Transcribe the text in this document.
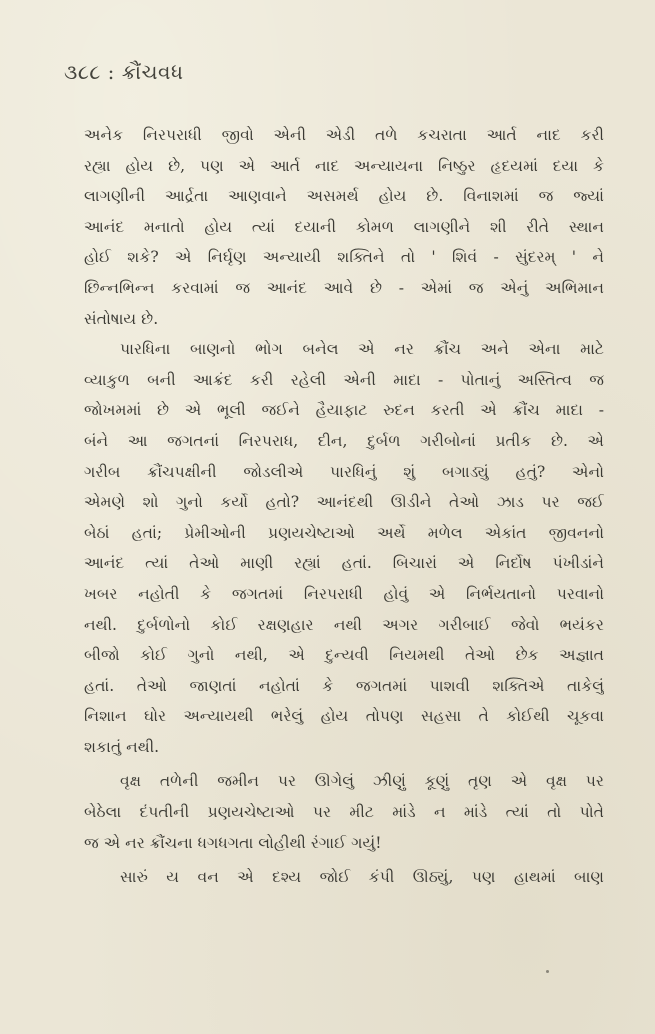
૩૮૮ : ક્રૌંચવધ
અનેક નિરપરાધી જીવો એની એડી તળે કચરાતા આર્ત નાદ કરી
રહ્યા હોય છે, પણ એ આર્ત નાદ અન્યાયના નિષ્ઠુર હૃદયમાં દયા કે
લાગણીની આર્દ્રતા આણવાને અસમર્થ હોય છે. વિનાશમાં જ જ્યાં
આનંદ મનાતો હોય ત્યાં દયાની કોમળ લાગણીને શી રીતે સ્થાન
હોઈ શકે? એ નિર્ઘૃણ અન્યાયી શક્તિને તો ' શિવં - સુંદરમ્ ' ને
છિન્નભિન્ન કરવામાં જ આનંદ આવે છે - એમાં જ એનું અભિમાન
સંતોષાય છે.
પારધિના બાણનો ભોગ બનેલ એ નર ક્રૌંચ અને એના માટે
વ્યાકુળ બની આક્રંદ કરી રહેલી એની માદા - પોતાનું અસ્તિત્વ જ
જોખમમાં છે એ ભૂલી જઈને હૈયાફાટ રુદન કરતી એ ક્રૌંચ માદા -
બંને આ જગતનાં નિરપરાધ, દીન, દુર્બળ ગરીબોનાં પ્રતીક છે. એ
ગરીબ ક્રૌંચપક્ષીની જોડલીએ પારધિનું શું બગાડ્યું હતું? એનો
એમણે શો ગુનો કર્યો હતો? આનંદથી ઊડીને તેઓ ઝાડ પર જઈ
બેઠાં હતાં; પ્રેમીઓની પ્રણયચેષ્ટાઓ અર્થે મળેલ એકાંત જીવનનો
આનંદ ત્યાં તેઓ માણી રહ્યાં હતાં. બિચારાં એ નિર્દોષ પંખીડાંને
ખબર નહોતી કે જગતમાં નિરપરાધી હોવું એ નિર્ભયતાનો પરવાનો
નથી. દુર્બળોનો કોઈ રક્ષણહાર નથી અગર ગરીબાઈ જેવો ભયંકર
બીજો કોઈ ગુનો નથી, એ દુન્યવી નિયમથી તેઓ છેક અજ્ઞાત
હતાં. તેઓ જાણતાં નહોતાં કે જગતમાં પાશવી શક્તિએ તાકેલું
નિશાન ઘોર અન્યાયથી ભરેલું હોય તોપણ સહસા તે કોઈથી ચૂકવા
શકાતું નથી.
વૃક્ષ તળેની જમીન પર ઊગેલું ઝીણું કૂણું તૃણ એ વૃક્ષ પર
બેઠેલા દંપતીની પ્રણયચેષ્ટાઓ પર મીટ માંડે ન માંડે ત્યાં તો પોતે
જ એ નર ક્રૌંચના ધગધગતા લોહીથી રંગાઈ ગયું!
સારું ય વન એ દશ્ય જોઈ કંપી ઊઠ્યું, પણ હાથમાં બાણ
